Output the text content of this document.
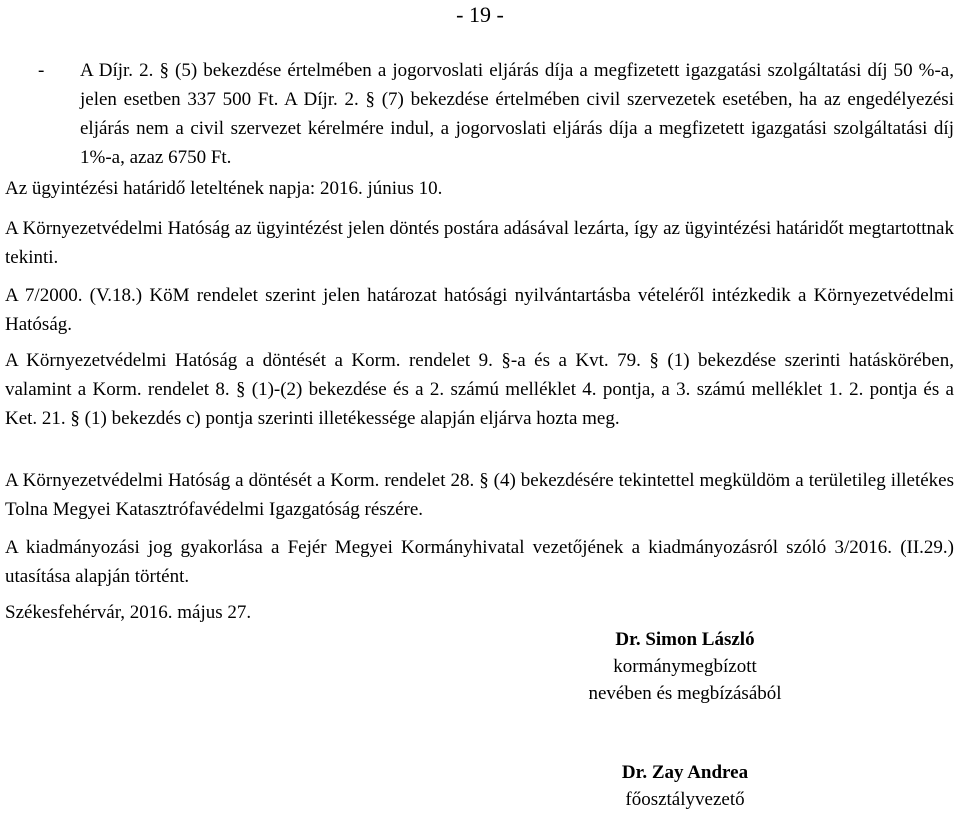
- 19 -
- A Díjr. 2. § (5) bekezdése értelmében a jogorvoslati eljárás díja a megfizetett igazgatási szolgáltatási díj 50 %-a, jelen esetben 337 500 Ft. A Díjr. 2. § (7) bekezdése értelmében civil szervezetek esetében, ha az engedélyezési eljárás nem a civil szervezet kérelmére indul, a jogorvoslati eljárás díja a megfizetett igazgatási szolgáltatási díj 1%-a, azaz 6750 Ft.

Az ügyintézési határidő leteltének napja: 2016. június 10.

A Környezetvédelmi Hatóság az ügyintézést jelen döntés postára adásával lezárta, így az ügyintézési határidőt megtartottnak tekinti.

A 7/2000. (V.18.) KöM rendelet szerint jelen határozat hatósági nyilvántartásba vételéről intézkedik a Környezetvédelmi Hatóság.

A Környezetvédelmi Hatóság a döntését a Korm. rendelet 9. §-a és a Kvt. 79. § (1) bekezdése szerinti hatáskörében, valamint a Korm. rendelet 8. § (1)-(2) bekezdése és a 2. számú melléklet 4. pontja, a 3. számú melléklet 1. 2. pontja és a Ket. 21. § (1) bekezdés c) pontja szerinti illetékessége alapján eljárva hozta meg.

A Környezetvédelmi Hatóság a döntését a Korm. rendelet 28. § (4) bekezdésére tekintettel megküldöm a területileg illetékes Tolna Megyei Katasztrófavédelmi Igazgatóság részére.

A kiadmányozási jog gyakorlása a Fejér Megyei Kormányhivatal vezetőjének a kiadmányozásról szóló 3/2016. (II.29.) utasítása alapján történt.

Székesfehérvár, 2016. május 27.

Dr. Simon László
kormánymegbízott
nevében és megbízásából
Dr. Zay Andrea
főosztályvezető
